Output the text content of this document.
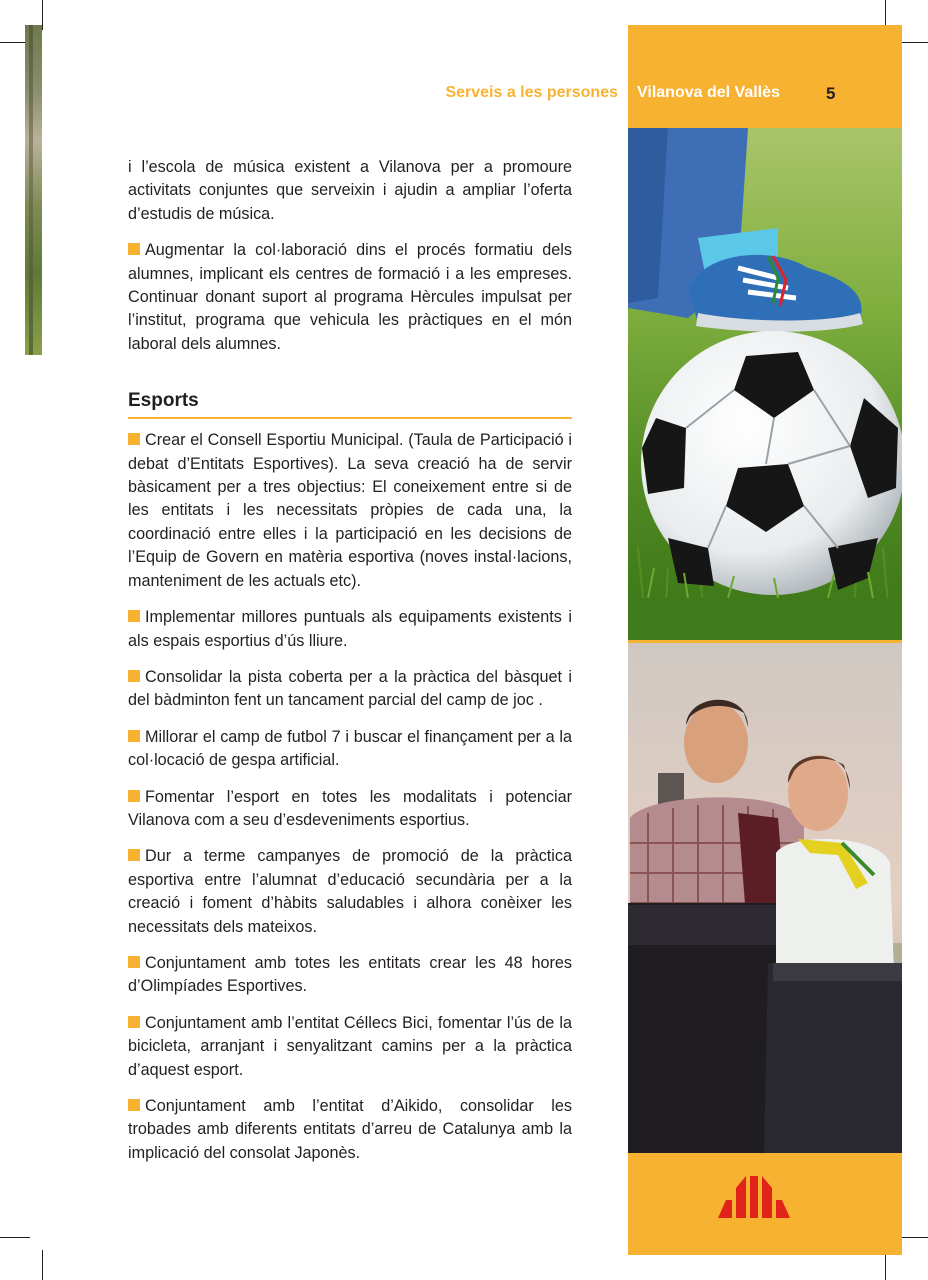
Serveis a les persones Vilanova del Vallès	5

i l’escola de música existent a Vilanova per a promoure activitats conjuntes que serveixin i ajudin a ampliar l’oferta d’estudis de música.

Augmentar la col·laboració dins el procés formatiu dels alumnes, implicant els centres de formació i a les empreses. Continuar donant suport al programa Hèrcules impulsat per l’institut, programa que vehicula les pràctiques en el món laboral dels alumnes.

Esports

Crear el Consell Esportiu Municipal. (Taula de Participació i debat d’Entitats Esportives). La seva creació ha de servir bàsicament per a tres objectius: El coneixement entre si de les entitats i les necessitats pròpies de cada una, la coordinació entre elles i la participació en les decisions de l’Equip de Govern en matèria esportiva (noves instal·lacions, manteniment de les actuals etc).

Implementar millores puntuals als equipaments existents i als espais esportius d’ús lliure.

Consolidar la pista coberta per a la pràctica del bàsquet i del bàdminton fent un tancament parcial del camp de joc .

Millorar el camp de futbol 7 i buscar el finançament per a la col·locació de gespa artificial.

Fomentar l’esport en totes les modalitats i potenciar Vilanova com a seu d’esdeveniments esportius.

Dur a terme campanyes de promoció de la pràctica esportiva entre l’alumnat d’educació secundària per a la creació i foment d’hàbits saludables i alhora conèixer les necessitats dels mateixos.

Conjuntament amb totes les entitats crear les 48 hores d’Olimpíades Esportives.

Conjuntament amb l’entitat Céllecs Bici, fomentar l’ús de la bicicleta, arranjant i senyalitzant camins per a la pràctica d’aquest esport.

Conjuntament amb l’entitat d’Aikido, consolidar les trobades amb diferents entitats d’arreu de Catalunya amb la implicació del consolat Japonès.
